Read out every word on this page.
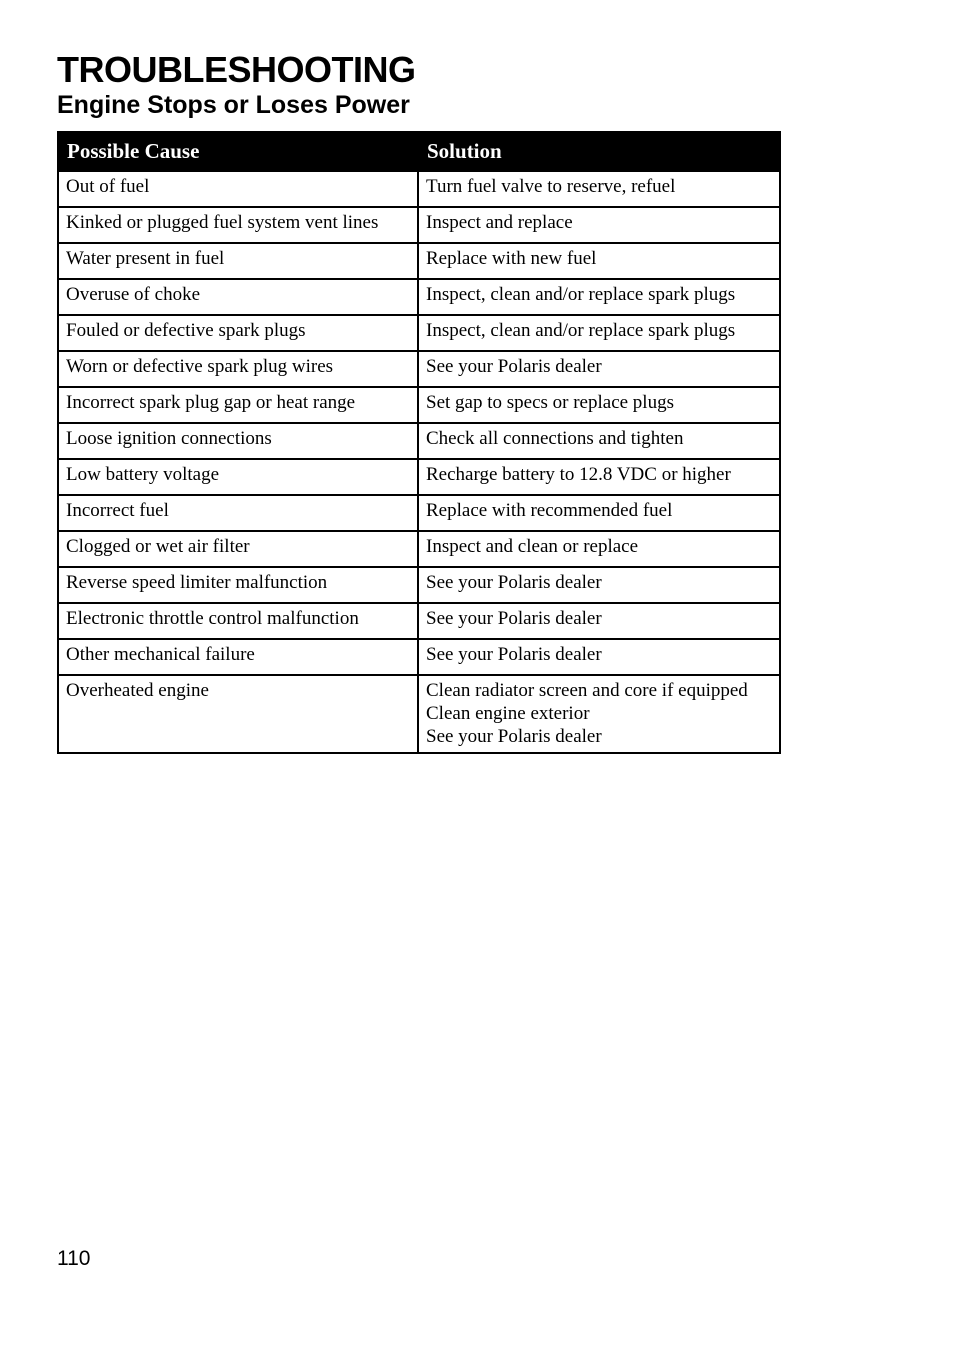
TROUBLESHOOTING
Engine Stops or Loses Power
Possible Cause	Solution
Out of fuel	Turn fuel valve to reserve, refuel

Kinked or plugged fuel system vent lines	Inspect and replace

Water present in fuel	Replace with new fuel

Overuse of choke	Inspect, clean and/or replace spark plugs

Fouled or defective spark plugs	Inspect, clean and/or replace spark plugs

Worn or defective spark plug wires	See your Polaris dealer

Incorrect spark plug gap or heat range	Set gap to specs or replace plugs

Loose ignition connections	Check all connections and tighten

Low battery voltage	Recharge battery to 12.8 VDC or higher

Incorrect fuel	Replace with recommended fuel

Clogged or wet air filter	Inspect and clean or replace

Reverse speed limiter malfunction	See your Polaris dealer

Electronic throttle control malfunction	See your Polaris dealer

Other mechanical failure	See your Polaris dealer

Overheated engine	Clean radiator screen and core if equipped
Clean engine exterior
See your Polaris dealer
110
